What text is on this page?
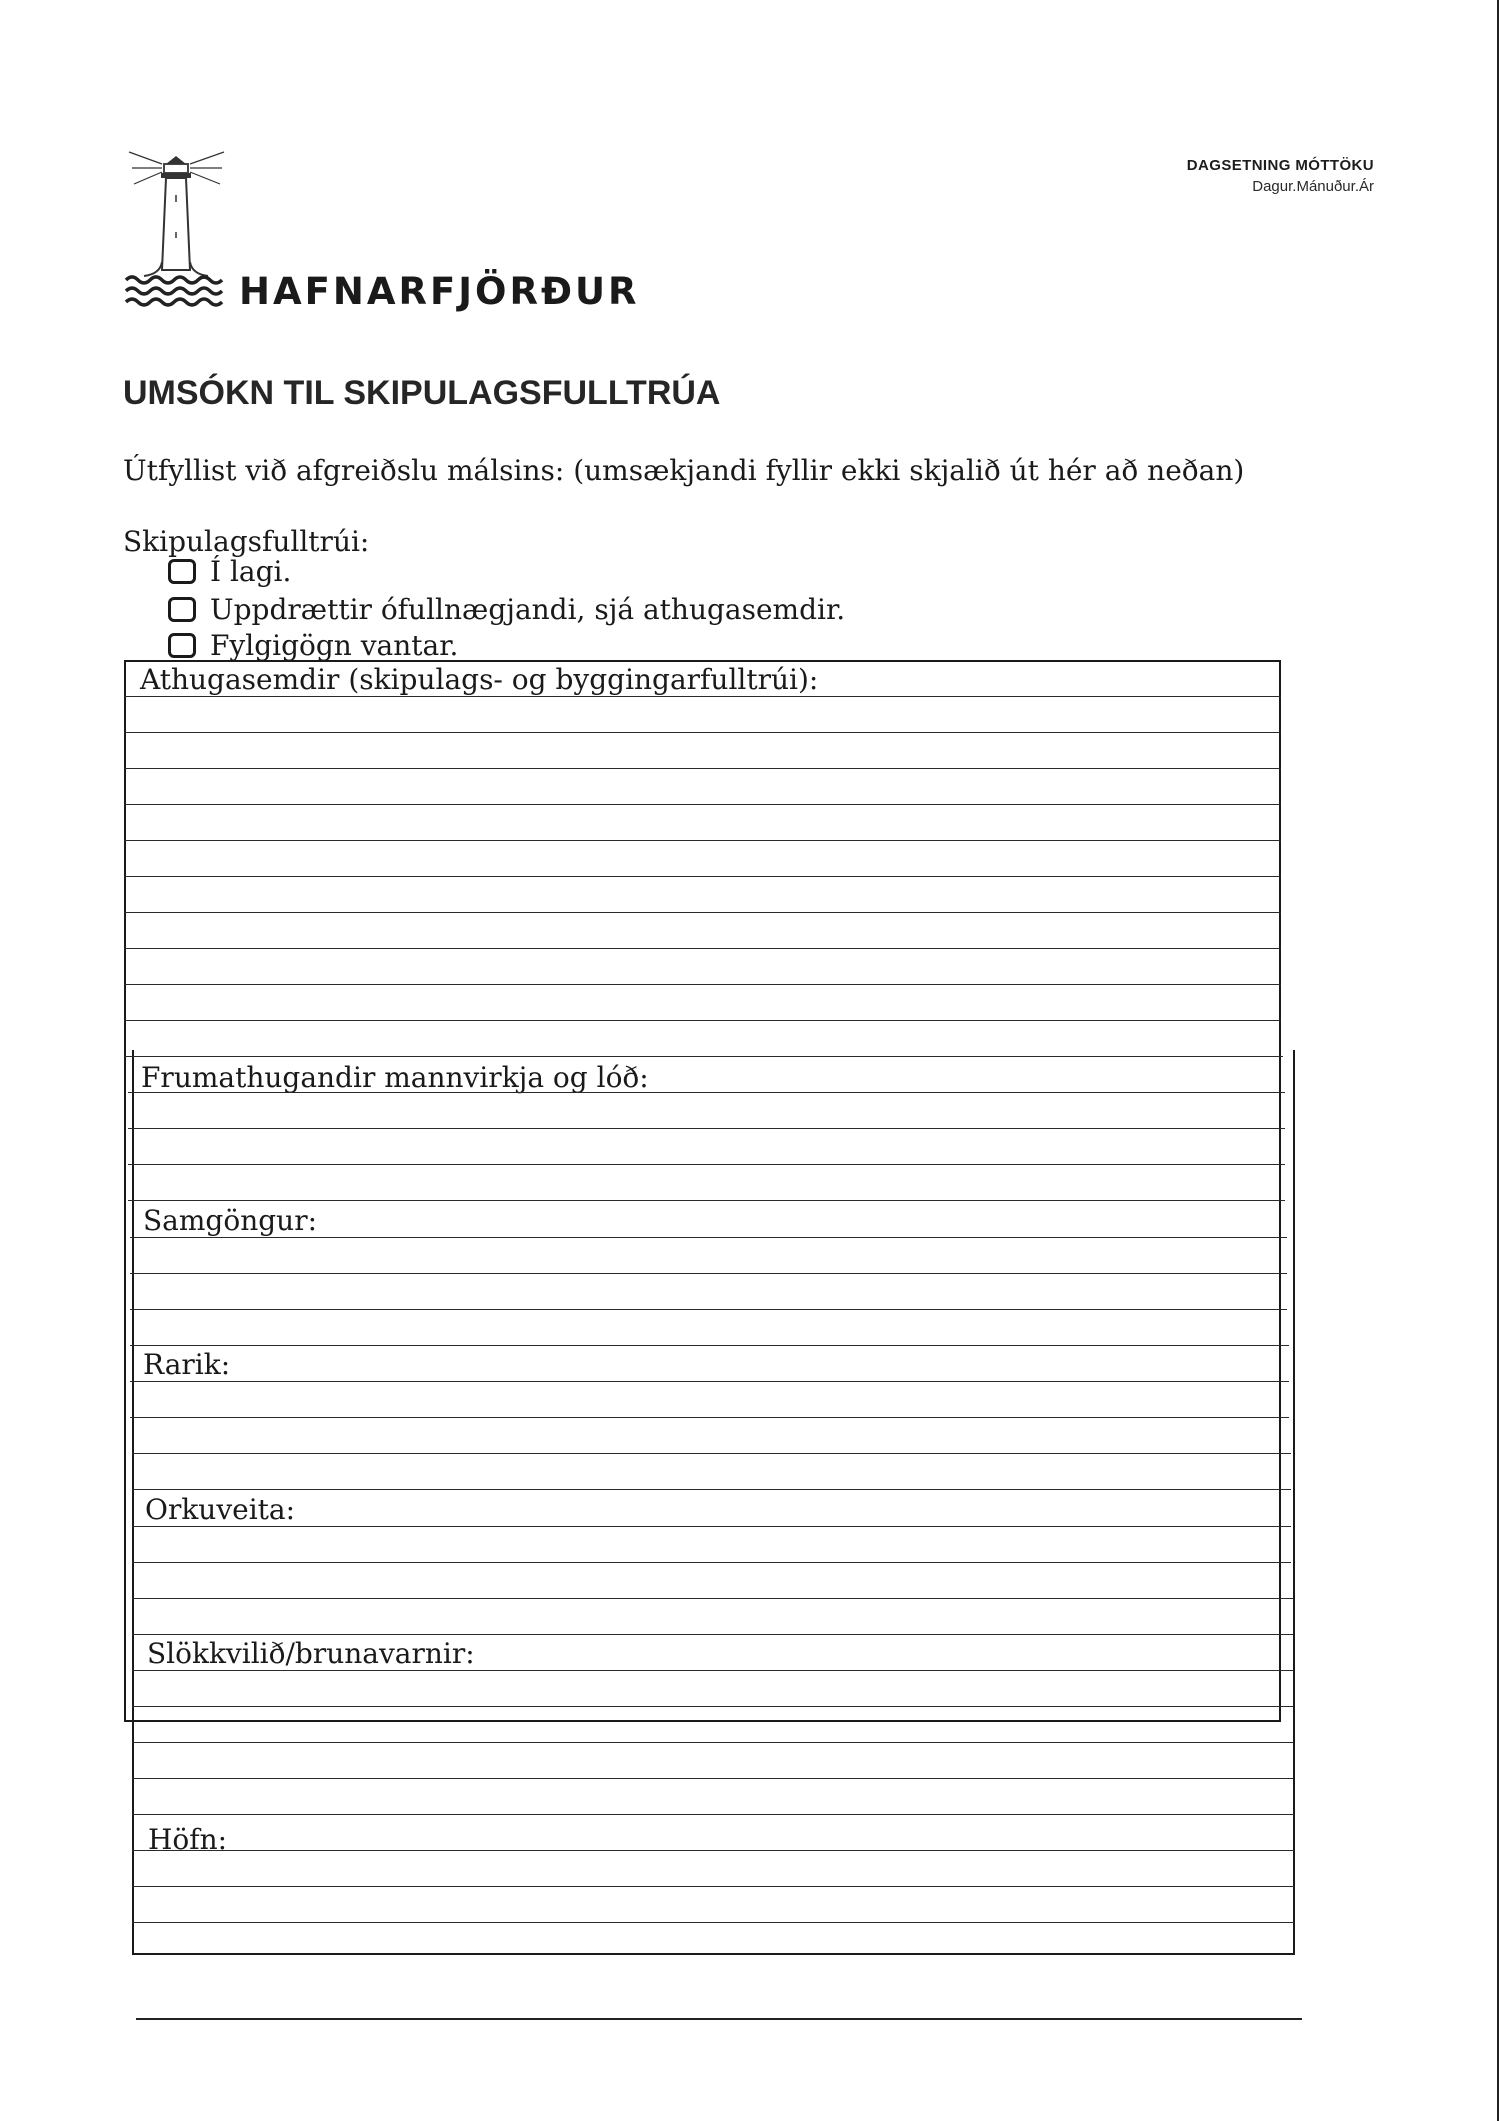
DAGSETNING MÓTTÖKU
Dagur.Mánuður.Ár
HAFNARFJÖRÐUR
UMSÓKN TIL SKIPULAGSFULLTRÚA
Útfyllist við afgreiðslu málsins: (umsækjandi fyllir ekki skjalið út hér að neðan)
Skipulagsfulltrúi:
Í lagi.
Uppdrættir ófullnægjandi, sjá athugasemdir.
Fylgigögn vantar.
Athugasemdir (skipulags- og byggingarfulltrúi):
Frumathugandir mannvirkja og lóð:
Samgöngur:
Rarik:
Orkuveita:
Slökkvilið/brunavarnir:
Höfn:
